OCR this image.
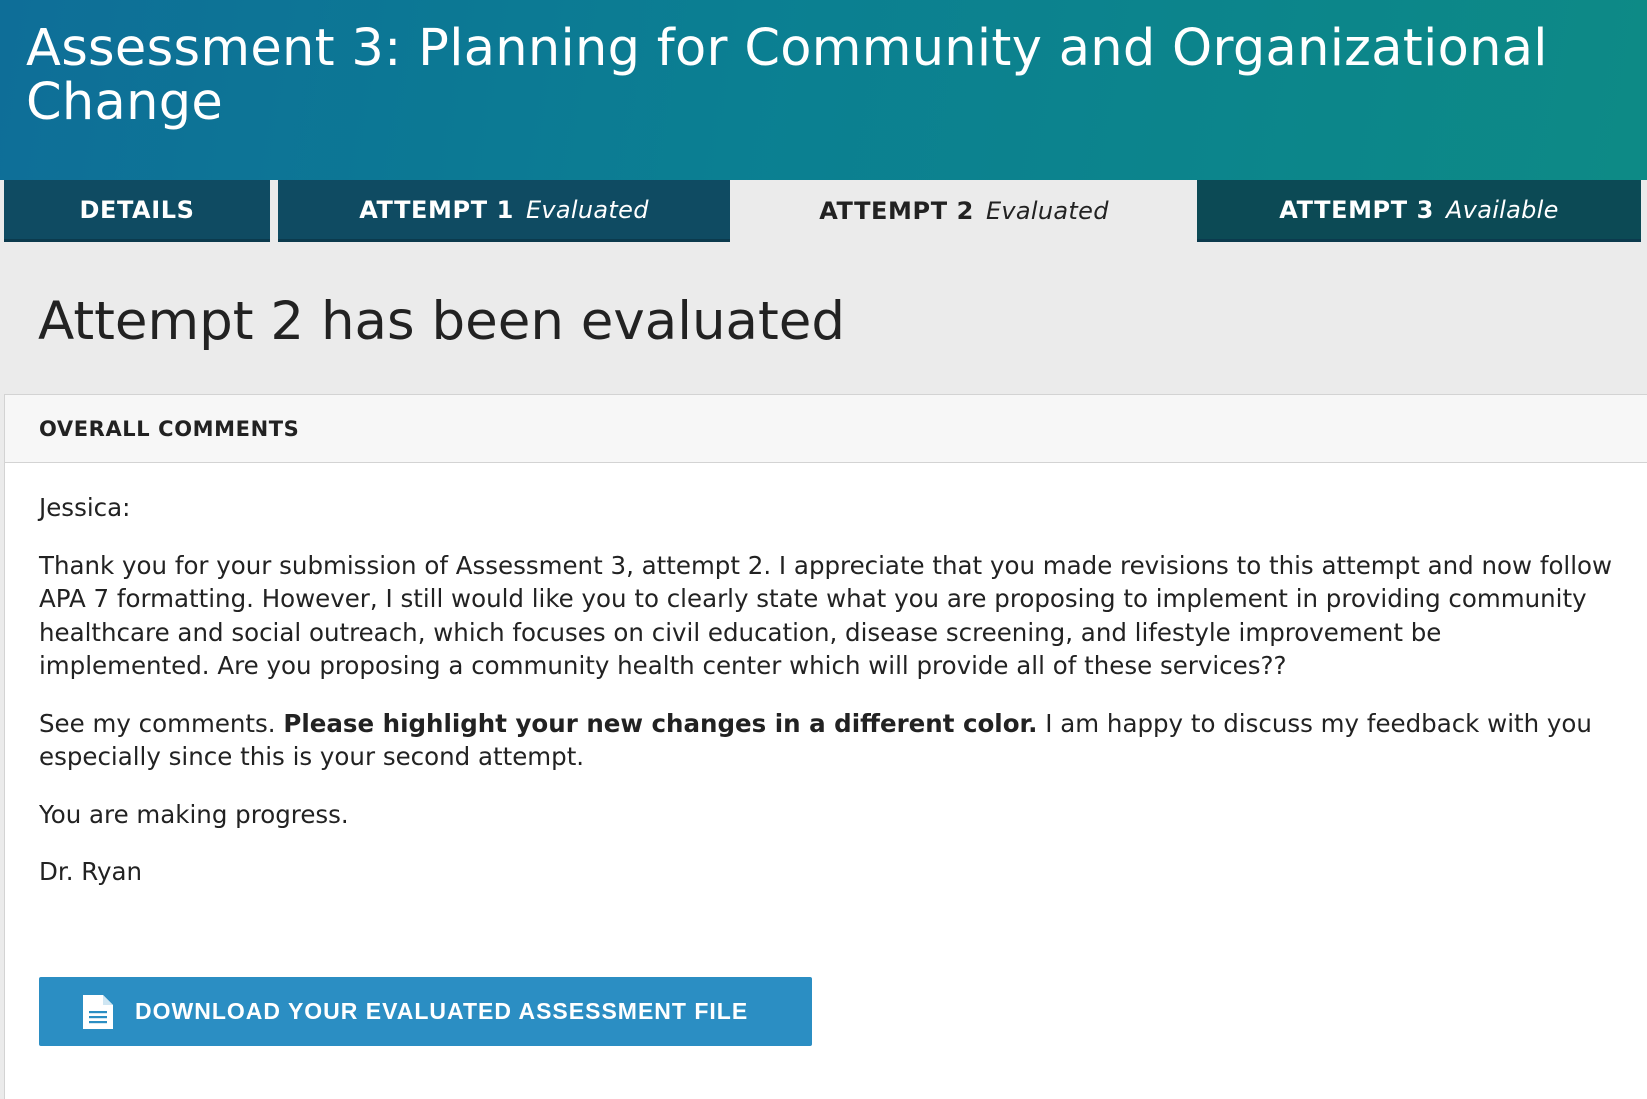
Assessment 3: Planning for Community and Organizational Change
DETAILS	ATTEMPT 1 Evaluated	ATTEMPT 2 Evaluated	ATTEMPT 3 Available
Attempt 2 has been evaluated
OVERALL COMMENTS

Jessica:

Thank you for your submission of Assessment 3, attempt 2. I appreciate that you made revisions to this attempt and now follow APA 7 formatting. However, I still would like you to clearly state what you are proposing to implement in providing community healthcare and social outreach, which focuses on civil education, disease screening, and lifestyle improvement be implemented. Are you proposing a community health center which will provide all of these services??

See my comments. Please highlight your new changes in a different color. I am happy to discuss my feedback with you especially since this is your second attempt.

You are making progress.

Dr. Ryan

DOWNLOAD YOUR EVALUATED ASSESSMENT FILE
